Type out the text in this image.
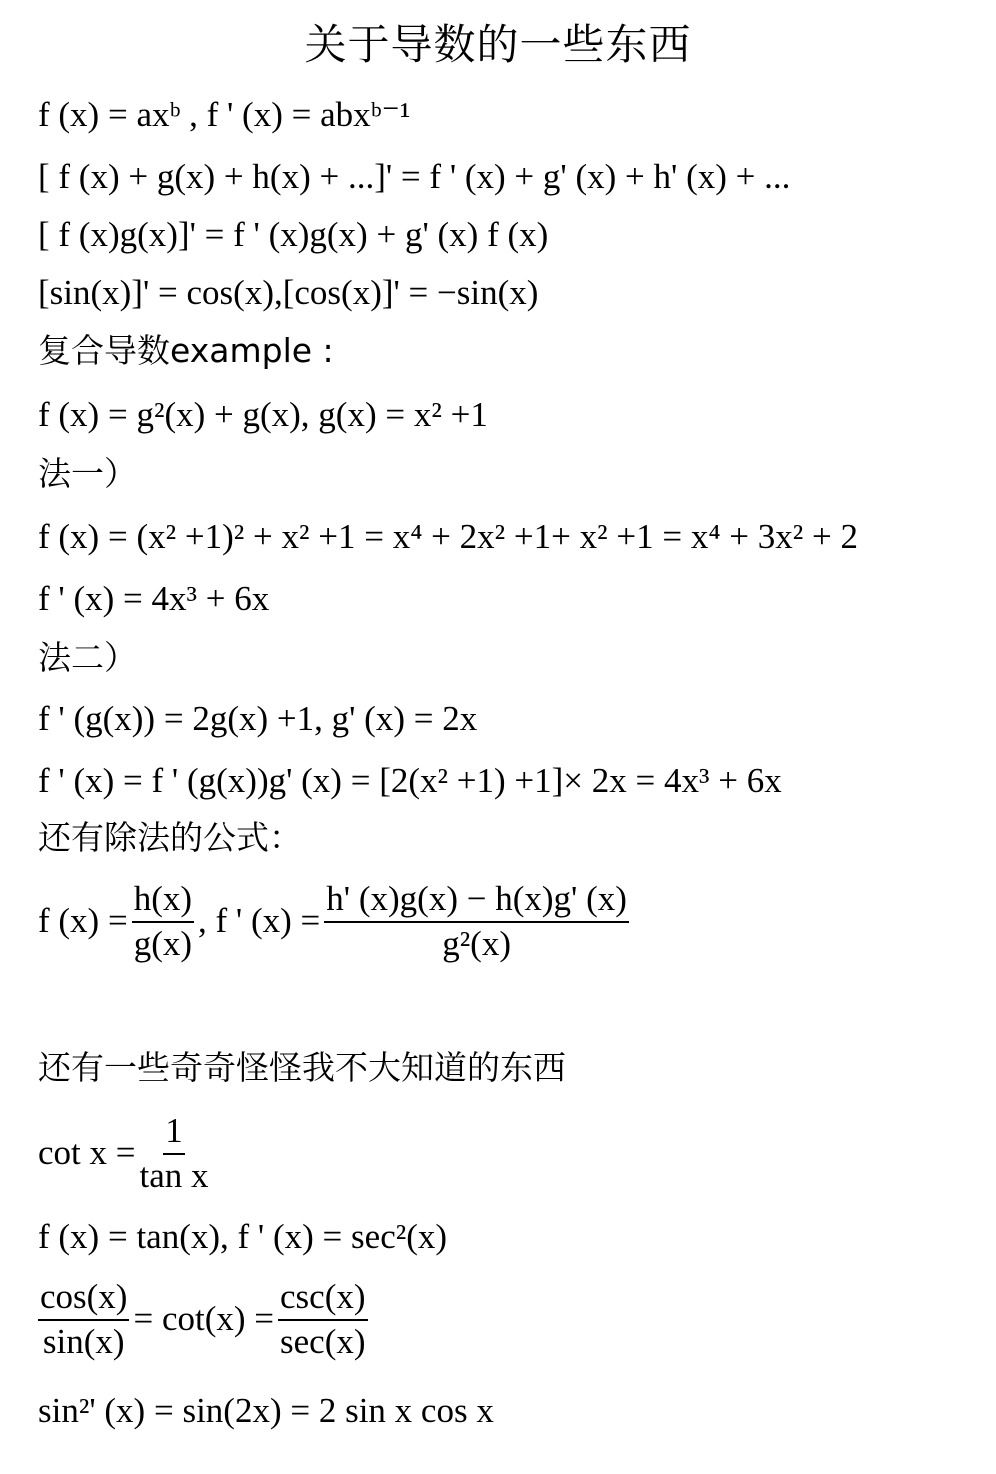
关于导数的一些东西
f (x) = axᵇ , f ' (x) = abxᵇ⁻¹
[ f (x) + g(x) + h(x) + ...]' = f ' (x) + g' (x) + h' (x) + ...
[ f (x)g(x)]' = f ' (x)g(x) + g' (x) f (x)
[sin(x)]' = cos(x),[cos(x)]' = −sin(x)
复合导数example :
f (x) = g²(x) + g(x), g(x) = x² +1
法一）
f (x) = (x² +1)² + x² +1 = x⁴ + 2x² +1+ x² +1 = x⁴ + 3x² + 2
f ' (x) = 4x³ + 6x
法二）
f ' (g(x)) = 2g(x) +1, g' (x) = 2x
f ' (x) = f ' (g(x))g' (x) = [2(x² +1) +1]× 2x = 4x³ + 6x
还有除法的公式：
f $(x) = \frac{h(x)}{g(x)}$ , f ' $(x) = \frac{h' (x)g(x) - h(x)g' (x)}{\text{g²(x)}}$
还有一些奇奇怪怪我不大知道的东西
$\cot x = \frac{1}{\text{tan x}}$
f (x) = tan(x), f ' (x) = sec²(x)
$\frac{\cos(x)}{\sin(x)} = \cot(x) = \frac{\csc(x)}{\sec(x)}$
sin²' (x) = sin(2x) = 2 sin x cos x
